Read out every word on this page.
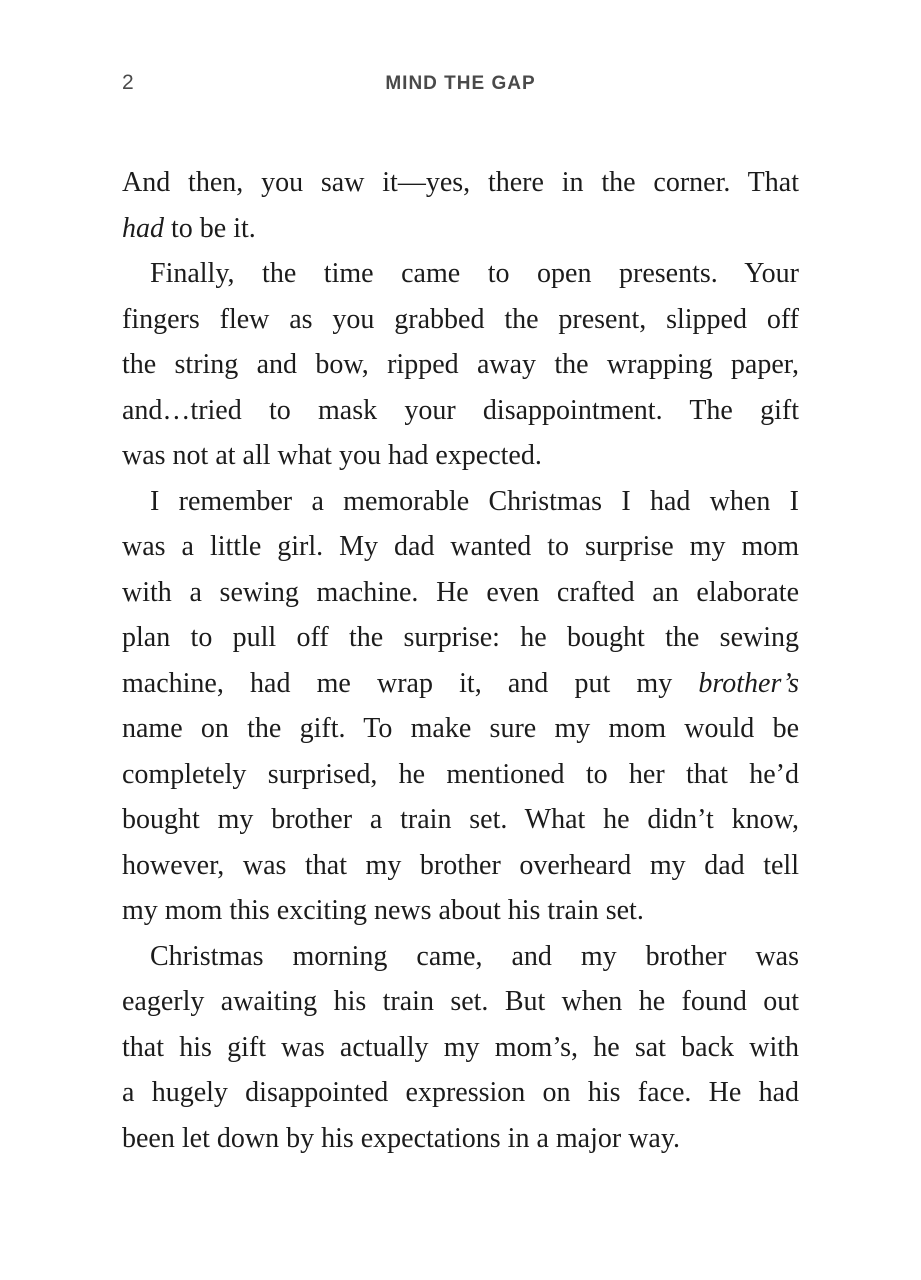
2	MIND THE GAP

And then, you saw it—yes, there in the corner. That
had to be it.

Finally, the time came to open presents. Your
fingers flew as you grabbed the present, slipped off
the string and bow, ripped away the wrapping paper,
and…tried to mask your disappointment. The gift
was not at all what you had expected.

I remember a memorable Christmas I had when I
was a little girl. My dad wanted to surprise my mom
with a sewing machine. He even crafted an elaborate
plan to pull off the surprise: he bought the sewing
machine, had me wrap it, and put my brother’s
name on the gift. To make sure my mom would be
completely surprised, he mentioned to her that he’d
bought my brother a train set. What he didn’t know,
however, was that my brother overheard my dad tell
my mom this exciting news about his train set.

Christmas morning came, and my brother was
eagerly awaiting his train set. But when he found out
that his gift was actually my mom’s, he sat back with
a hugely disappointed expression on his face. He had
been let down by his expectations in a major way.
